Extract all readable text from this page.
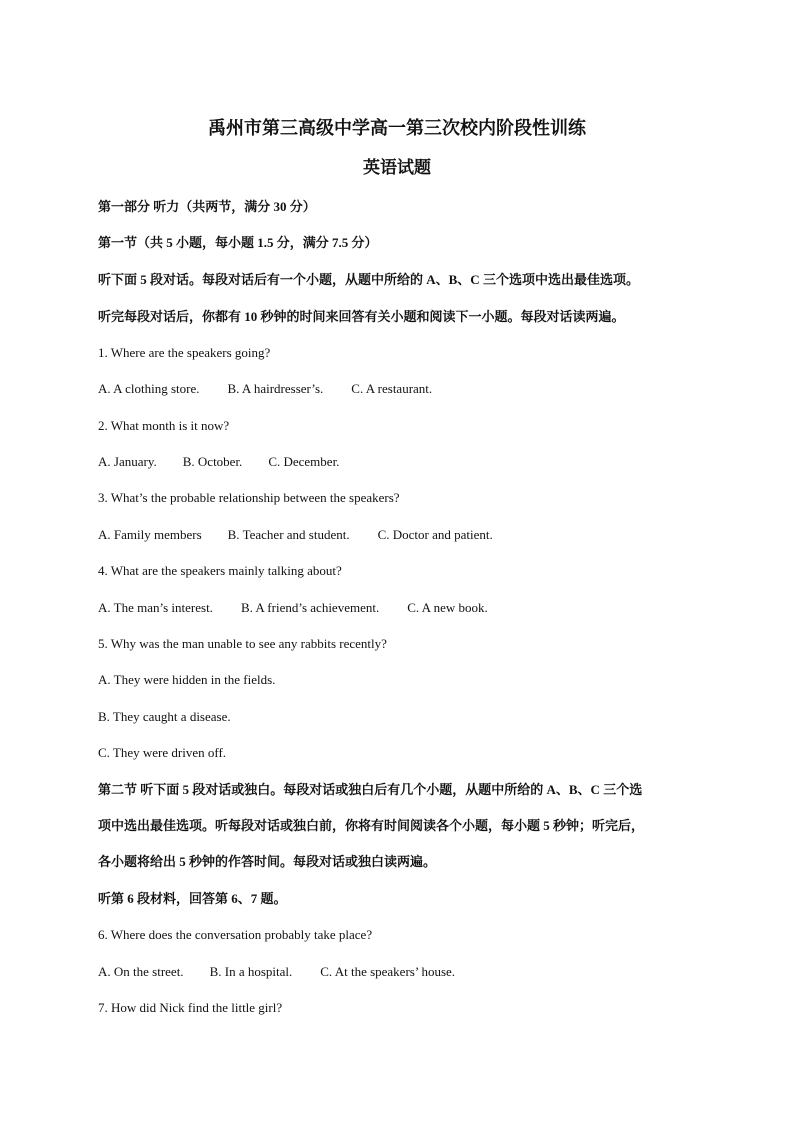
禹州市第三高级中学高一第三次校内阶段性训练
英语试题
第一部分 听力（共两节，满分 30 分）
第一节（共 5 小题，每小题 1.5 分，满分 7.5 分）
听下面 5 段对话。每段对话后有一个小题，从题中所给的 A、B、C 三个选项中选出最佳选项。
听完每段对话后，你都有 10 秒钟的时间来回答有关小题和阅读下一小题。每段对话读两遍。
1. Where are the speakers going?
A. A clothing store. B. A hairdresser’s. C. A restaurant.
2. What month is it now?
A. January. B. October. C. December.
3. What’s the probable relationship between the speakers?
A. Family members B. Teacher and student. C. Doctor and patient.
4. What are the speakers mainly talking about?
A. The man’s interest. B. A friend’s achievement. C. A new book.
5. Why was the man unable to see any rabbits recently?
A. They were hidden in the fields.
B. They caught a disease.
C. They were driven off.
第二节 听下面 5 段对话或独白。每段对话或独白后有几个小题，从题中所给的 A、B、C 三个选
项中选出最佳选项。听每段对话或独白前，你将有时间阅读各个小题，每小题 5 秒钟；听完后，
各小题将给出 5 秒钟的作答时间。每段对话或独白读两遍。
听第 6 段材料，回答第 6、7 题。
6. Where does the conversation probably take place?
A. On the street. B. In a hospital. C. At the speakers’ house.
7. How did Nick find the little girl?
